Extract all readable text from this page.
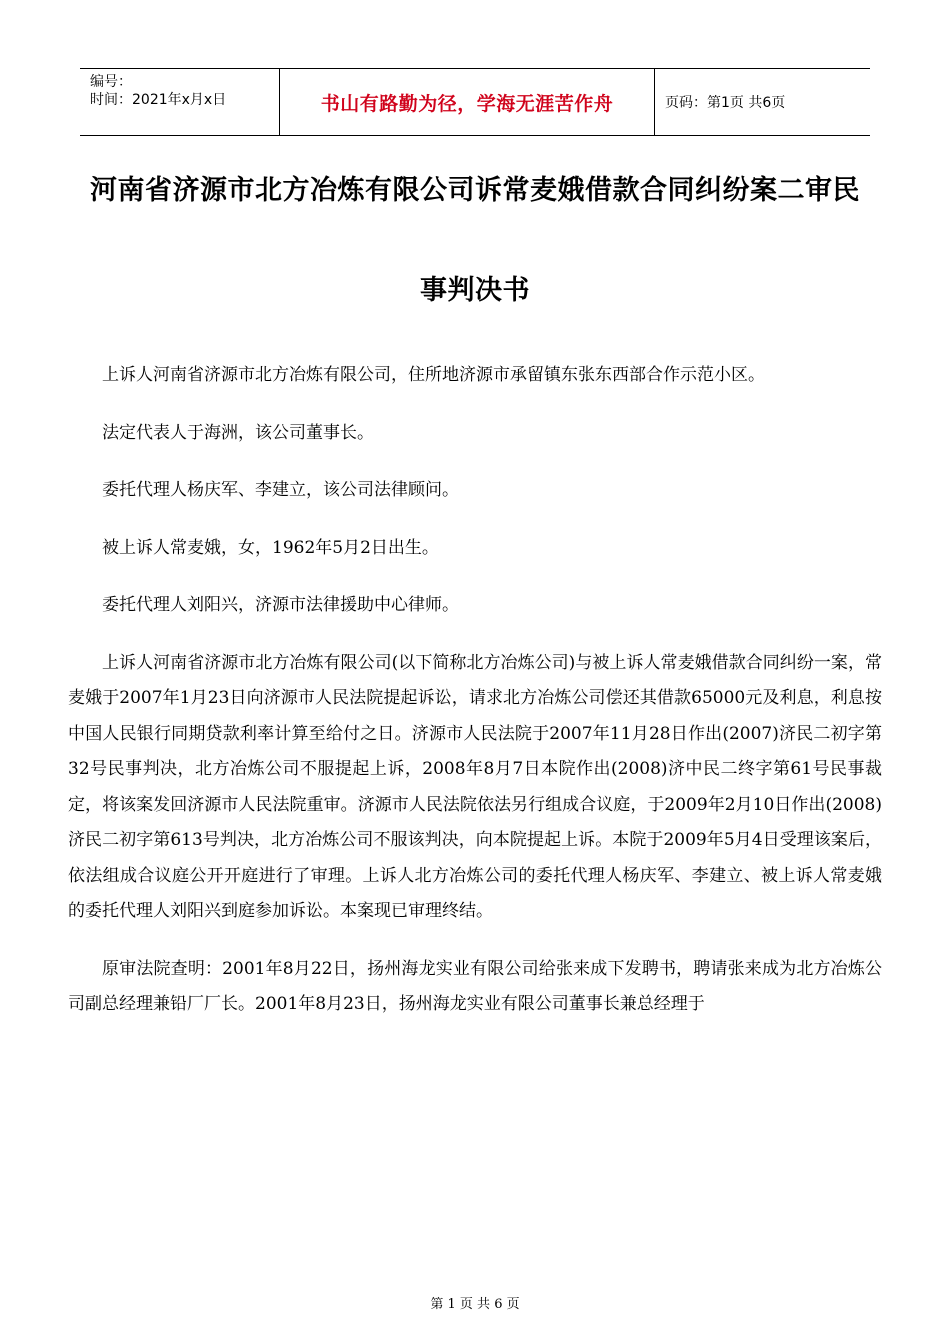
编号：
时间：2021年x月x日	书山有路勤为径，学海无涯苦作舟	页码：第1页 共6页
河南省济源市北方冶炼有限公司诉常麦娥借款合同纠纷案二审民
事判决书

上诉人河南省济源市北方冶炼有限公司，住所地济源市承留镇东张东西部合作示范小区。

法定代表人于海洲，该公司董事长。

委托代理人杨庆军、李建立，该公司法律顾问。

被上诉人常麦娥，女，1962年5月2日出生。

委托代理人刘阳兴，济源市法律援助中心律师。

上诉人河南省济源市北方冶炼有限公司(以下简称北方冶炼公司)与被上诉人常麦娥借款合同纠纷一案，常麦娥于2007年1月23日向济源市人民法院提起诉讼，请求北方冶炼公司偿还其借款65000元及利息，利息按中国人民银行同期贷款利率计算至给付之日。济源市人民法院于2007年11月28日作出(2007)济民二初字第32号民事判决，北方冶炼公司不服提起上诉，2008年8月7日本院作出(2008)济中民二终字第61号民事裁定，将该案发回济源市人民法院重审。济源市人民法院依法另行组成合议庭，于2009年2月10日作出(2008)济民二初字第613号判决，北方冶炼公司不服该判决，向本院提起上诉。本院于2009年5月4日受理该案后，依法组成合议庭公开开庭进行了审理。上诉人北方冶炼公司的委托代理人杨庆军、李建立、被上诉人常麦娥的委托代理人刘阳兴到庭参加诉讼。本案现已审理终结。

原审法院查明：2001年8月22日，扬州海龙实业有限公司给张来成下发聘书，聘请张来成为北方冶炼公司副总经理兼铅厂厂长。2001年8月23日，扬州海龙实业有限公司董事长兼总经理于

第 1 页 共 6 页
